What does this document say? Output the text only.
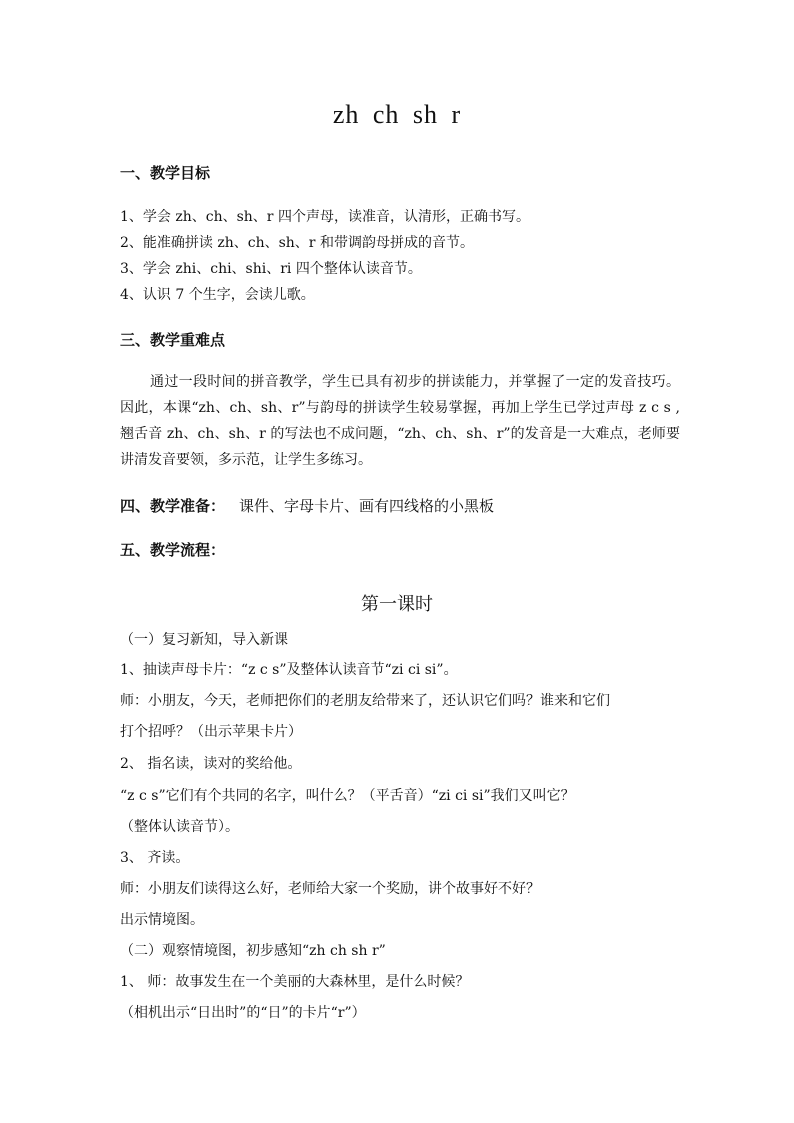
zh ch sh r
一、教学目标
1、学会 zh、ch、sh、r 四个声母，读准音，认清形，正确书写。
2、能准确拼读 zh、ch、sh、r 和带调韵母拼成的音节。
3、学会 zhi、chi、shi、ri 四个整体认读音节。
4、认识 7 个生字，会读儿歌。
三、教学重难点
通过一段时间的拼音教学，学生已具有初步的拼读能力，并掌握了一定的发音技巧。因此，本课“zh、ch、sh、r”与韵母的拼读学生较易掌握，再加上学生已学过声母 z c s ,翘舌音 zh、ch、sh、r 的写法也不成问题，“zh、ch、sh、r”的发音是一大难点，老师要讲清发音要领，多示范，让学生多练习。
四、教学准备： 课件、字母卡片、画有四线格的小黑板
五、教学流程：
第一课时
（一）复习新知，导入新课
1、抽读声母卡片：“z c s”及整体认读音节“zi ci si”。
师：小朋友，今天，老师把你们的老朋友给带来了，还认识它们吗？谁来和它们
打个招呼？（出示苹果卡片）
2、 指名读，读对的奖给他。
“z c s”它们有个共同的名字，叫什么？（平舌音）“zi ci si”我们又叫它？
（整体认读音节）。
3、 齐读。
师：小朋友们读得这么好，老师给大家一个奖励，讲个故事好不好？
出示情境图。
（二）观察情境图，初步感知“zh ch sh r”
1、 师：故事发生在一个美丽的大森林里，是什么时候？
（相机出示“日出时”的“日”的卡片“r”）
